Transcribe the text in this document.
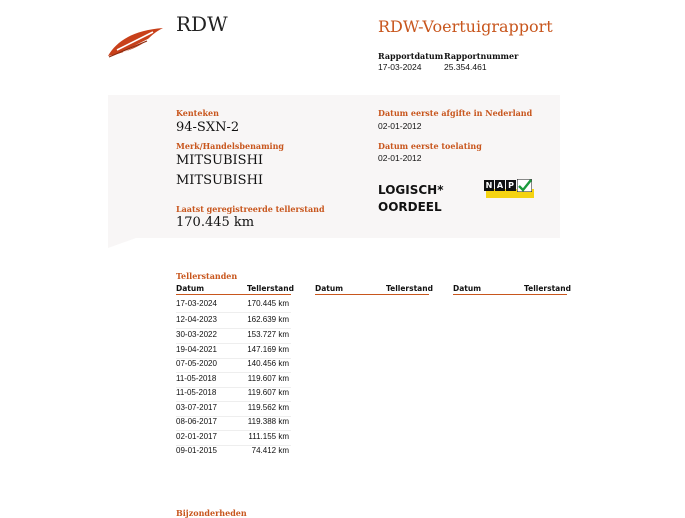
RDW	RDW-Voertuigrapport
Rapportdatum
17-03-2024
Rapportnummer
25.354.461
Kenteken
94-SXN-2
Merk/Handelsbenaming
MITSUBISHI
MITSUBISHI
Laatst geregistreerde tellerstand
170.445 km
Datum eerste afgifte in Nederland
02-01-2012
Datum eerste toelating
02-01-2012
LOGISCH*
OORDEEL
N A P
Tellerstanden
Datum	Tellerstand	Datum	Tellerstand	Datum	Tellerstand
17-03-2024	170.445 km
12-04-2023	162.639 km
30-03-2022	153.727 km
19-04-2021	147.169 km
07-05-2020	140.456 km
11-05-2018	119.607 km
11-05-2018	119.607 km
03-07-2017	119.562 km
08-06-2017	119.388 km
02-01-2017	111.155 km
09-01-2015	74.412 km
Bijzonderheden
